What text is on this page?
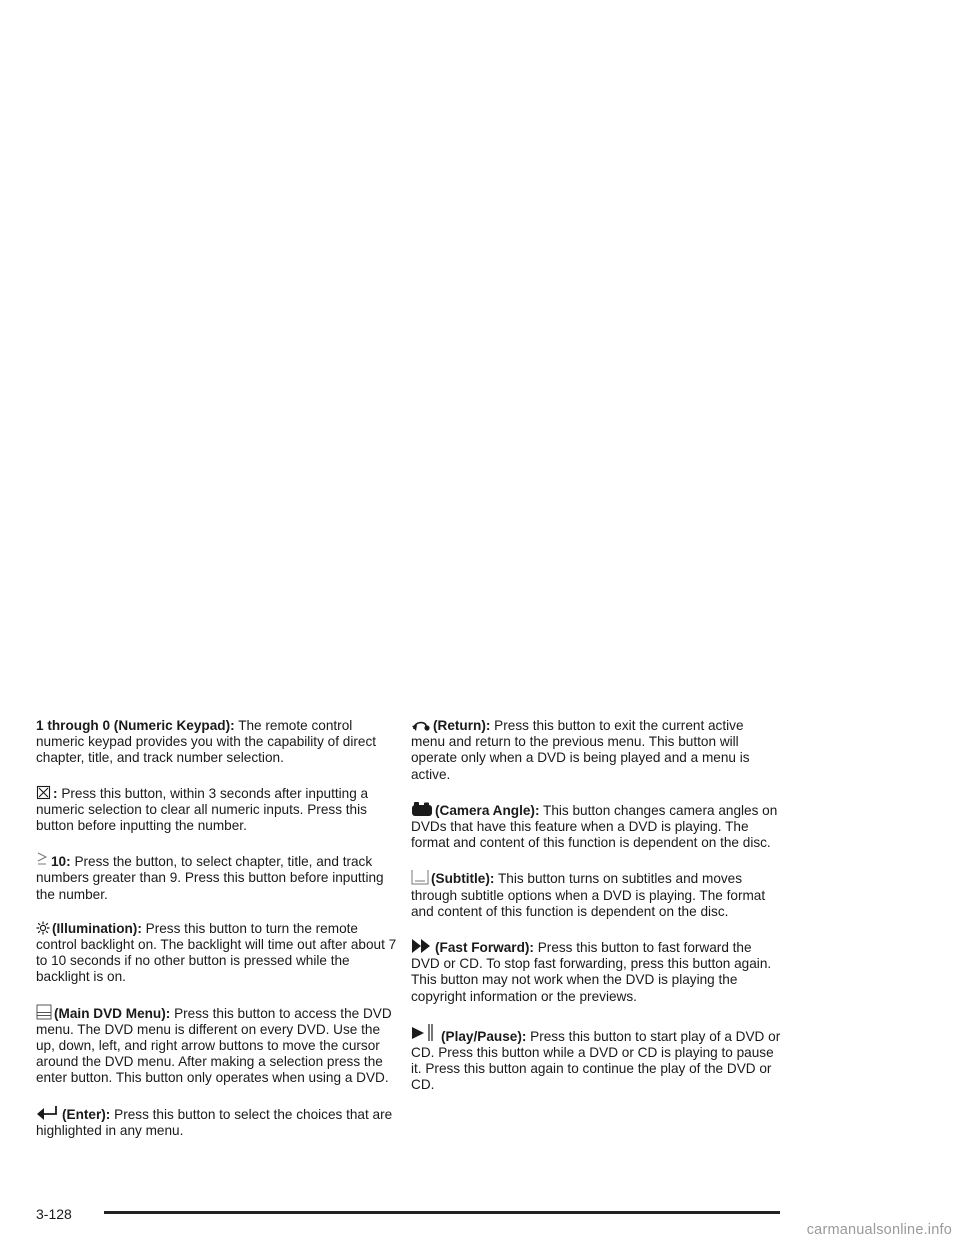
1 through 0 (Numeric Keypad): The remote control numeric keypad provides you with the capability of direct chapter, title, and track number selection.

: Press this button, within 3 seconds after inputting a numeric selection to clear all numeric inputs. Press this button before inputting the number.

10: Press the button, to select chapter, title, and track numbers greater than 9. Press this button before inputting the number.

(Illumination): Press this button to turn the remote control backlight on. The backlight will time out after about 7 to 10 seconds if no other button is pressed while the backlight is on.

(Main DVD Menu): Press this button to access the DVD menu. The DVD menu is different on every DVD. Use the up, down, left, and right arrow buttons to move the cursor around the DVD menu. After making a selection press the enter button. This button only operates when using a DVD.

(Enter): Press this button to select the choices that are highlighted in any menu.

(Return): Press this button to exit the current active menu and return to the previous menu. This button will operate only when a DVD is being played and a menu is active.

(Camera Angle): This button changes camera angles on DVDs that have this feature when a DVD is playing. The format and content of this function is dependent on the disc.

(Subtitle): This button turns on subtitles and moves through subtitle options when a DVD is playing. The format and content of this function is dependent on the disc.

(Fast Forward): Press this button to fast forward the DVD or CD. To stop fast forwarding, press this button again. This button may not work when the DVD is playing the copyright information or the previews.

(Play/Pause): Press this button to start play of a DVD or CD. Press this button while a DVD or CD is playing to pause it. Press this button again to continue the play of the DVD or CD.

3-128
carmanualsonline.info
